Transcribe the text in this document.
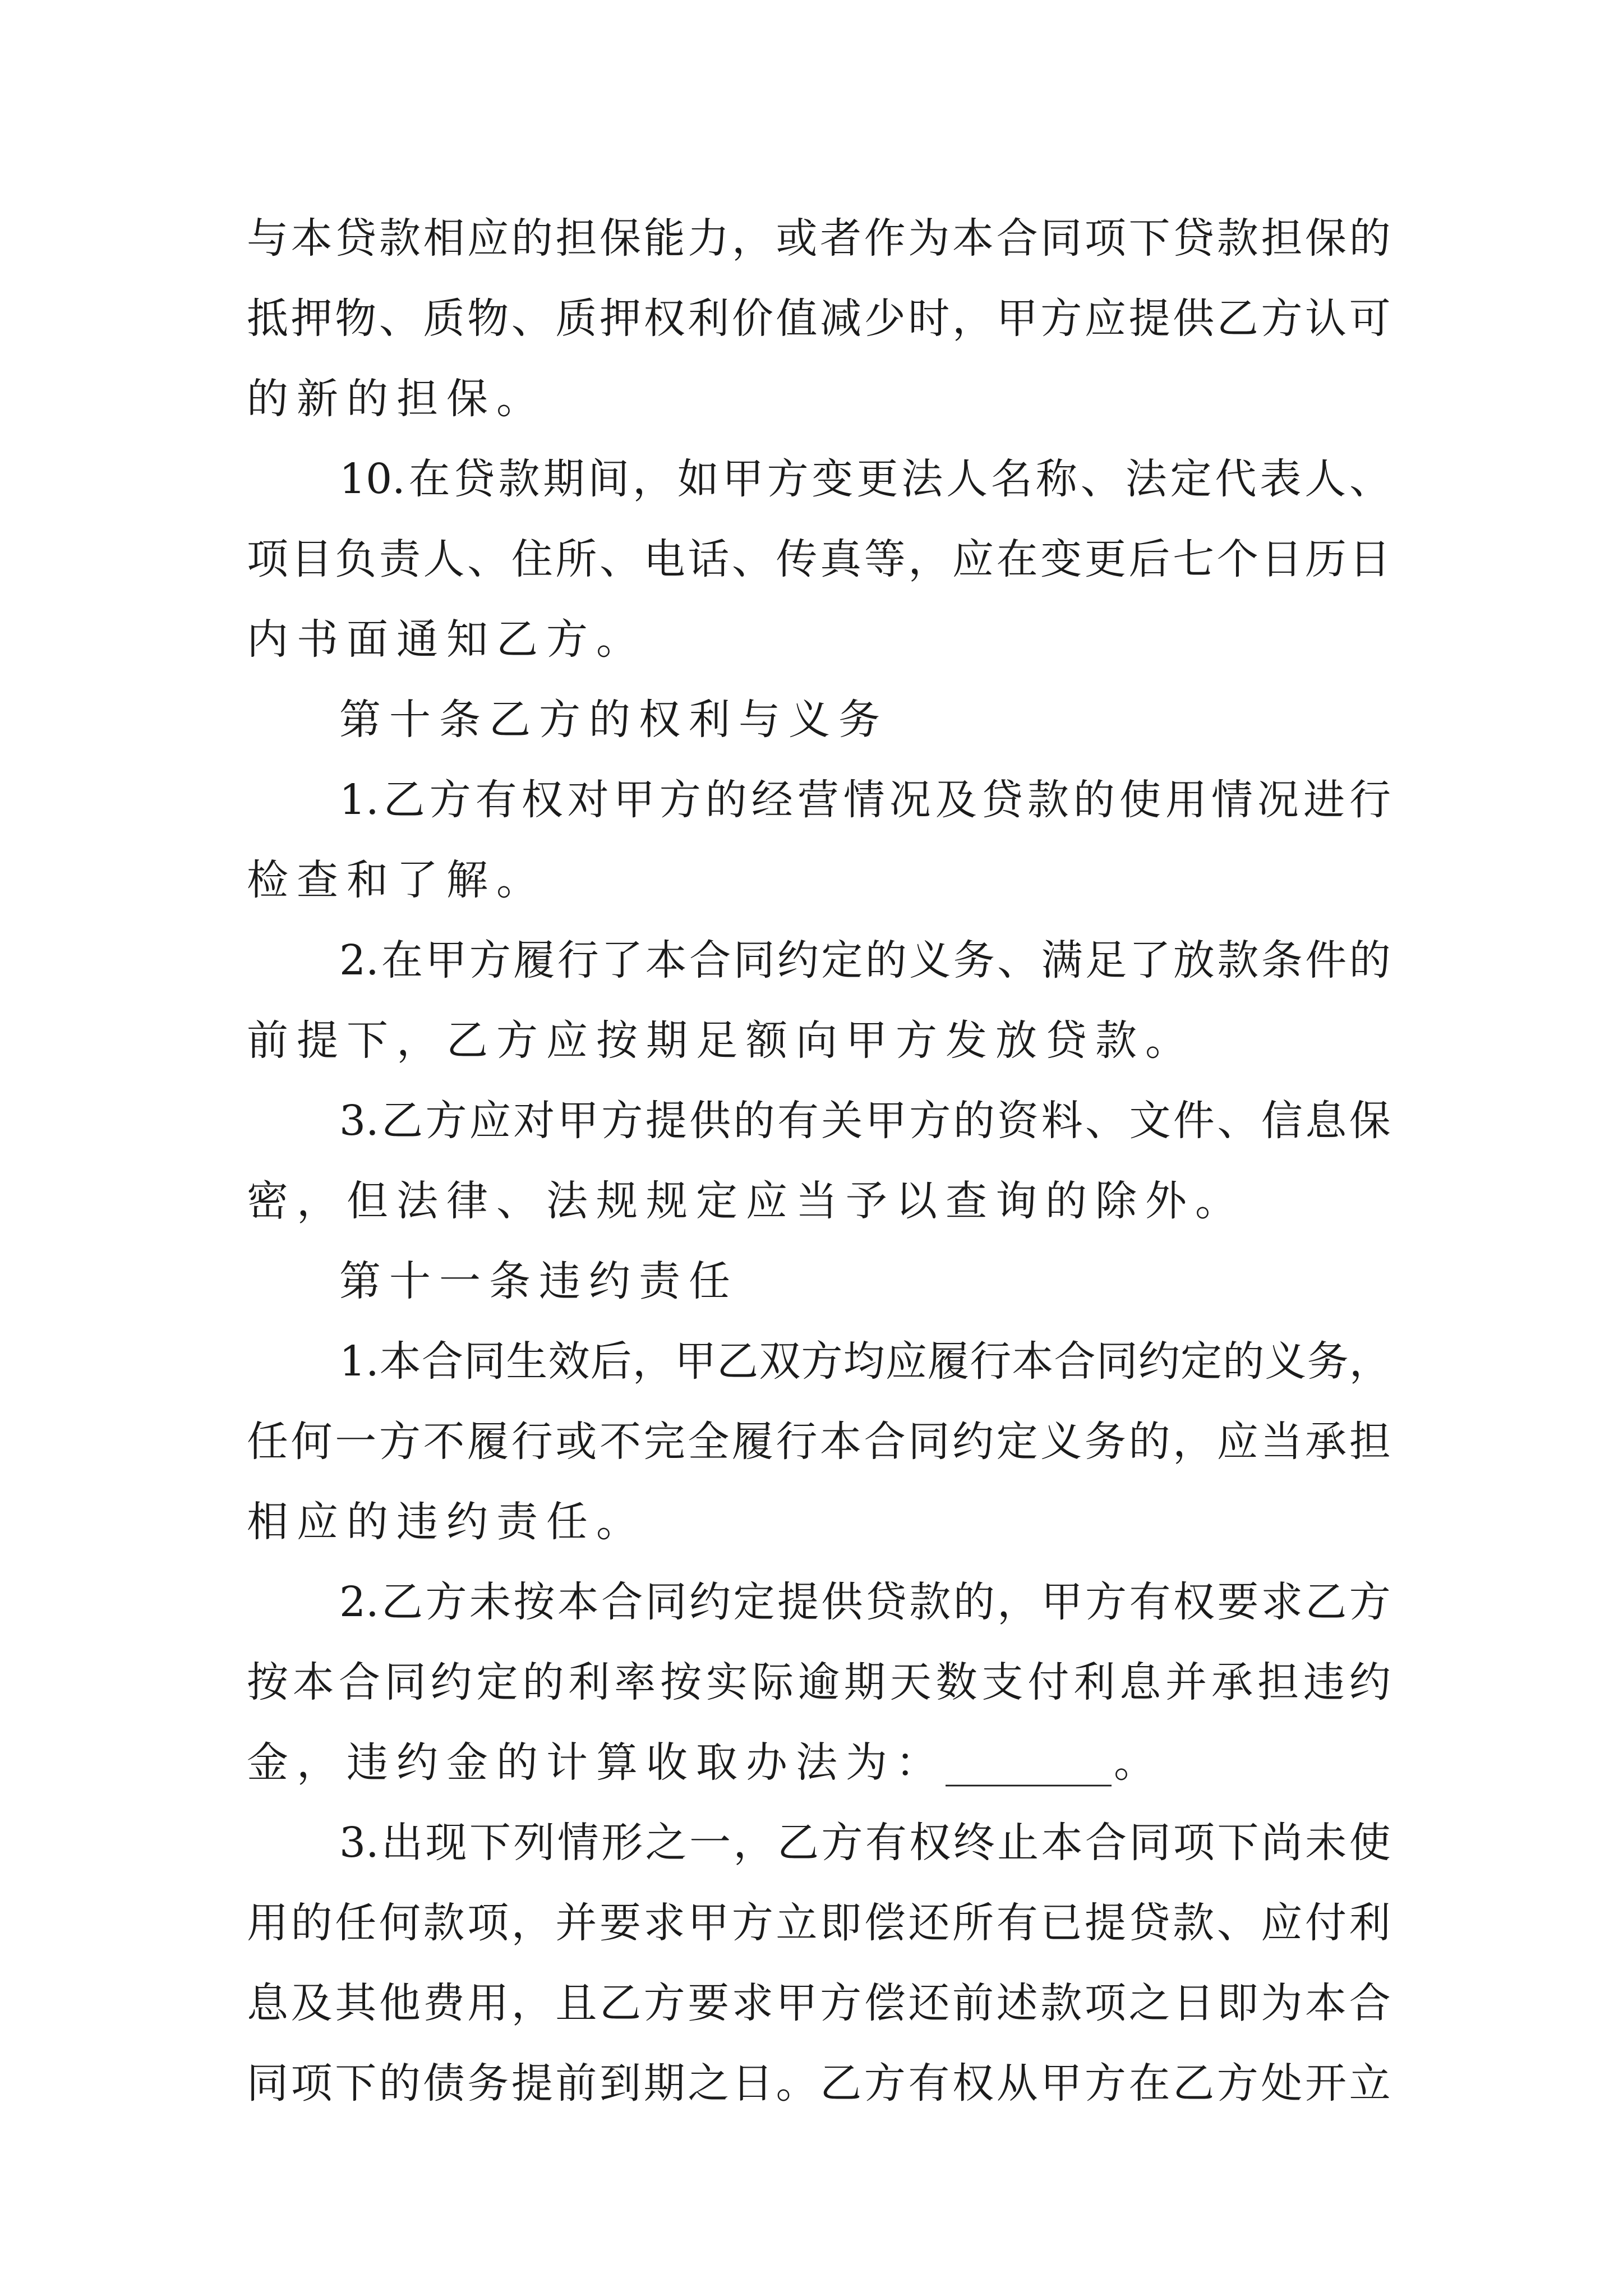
与 本 贷 款 相 应 的 担 保 能 力 ， 或 者 作 为 本 合 同 项 下 贷 款 担 保 的
抵 押 物 、 质 物 、 质 押 权 利 价 值 减 少 时 ， 甲 方 应 提 供 乙 方 认 可
的 新 的 担 保 。
10. 在 贷 款 期 间 ， 如 甲 方 变 更 法 人 名 称 、 法 定 代 表 人 、
项 目 负 责 人 、 住 所 、 电 话 、 传 真 等 ， 应 在 变 更 后 七 个 日 历 日
内 书 面 通 知 乙 方 。
第 十 条 乙 方 的 权 利 与 义 务
1. 乙 方 有 权 对 甲 方 的 经 营 情 况 及 贷 款 的 使 用 情 况 进 行
检 查 和 了 解 。
2. 在 甲 方 履 行 了 本 合 同 约 定 的 义 务 、 满 足 了 放 款 条 件 的
前 提 下 ， 乙 方 应 按 期 足 额 向 甲 方 发 放 贷 款 。
3. 乙 方 应 对 甲 方 提 供 的 有 关 甲 方 的 资 料 、 文 件 、 信 息 保
密 ， 但 法 律 、 法 规 规 定 应 当 予 以 查 询 的 除 外 。
第 十 一 条 违 约 责 任
1. 本 合 同 生 效 后 ， 甲 乙 双 方 均 应 履 行 本 合 同 约 定 的 义 务 ，
任 何 一 方 不 履 行 或 不 完 全 履 行 本 合 同 约 定 义 务 的 ， 应 当 承 担
相 应 的 违 约 责 任 。
2. 乙 方 未 按 本 合 同 约 定 提 供 贷 款 的 ， 甲 方 有 权 要 求 乙 方
按 本 合 同 约 定 的 利 率 按 实 际 逾 期 天 数 支 付 利 息 并 承 担 违 约
金 ， 违 约 金 的 计 算 收 取 办 法 为 ： ________ 。
3. 出 现 下 列 情 形 之 一 ， 乙 方 有 权 终 止 本 合 同 项 下 尚 未 使
用 的 任 何 款 项 ， 并 要 求 甲 方 立 即 偿 还 所 有 已 提 贷 款 、 应 付 利
息 及 其 他 费 用 ， 且 乙 方 要 求 甲 方 偿 还 前 述 款 项 之 日 即 为 本 合
同 项 下 的 债 务 提 前 到 期 之 日 。 乙 方 有 权 从 甲 方 在 乙 方 处 开 立
